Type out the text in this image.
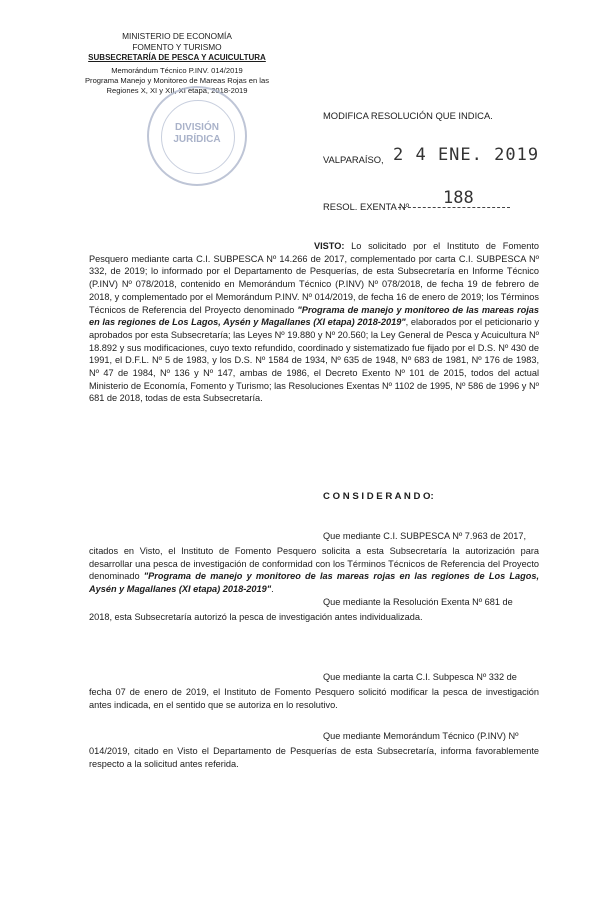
MINISTERIO DE ECONOMÍA
FOMENTO Y TURISMO
SUBSECRETARÍA DE PESCA Y ACUICULTURA
Memorándum Técnico P.INV. 014/2019
Programa Manejo y Monitoreo de Mareas Rojas en las
Regiones X, XI y XII, XI etapa, 2018-2019
DIVISIÓN
JURÍDICA
MODIFICA RESOLUCIÓN QUE INDICA.
VALPARAÍSO, 2 4 ENE. 2019
RESOL. EXENTA Nº 188
VISTO: Lo solicitado por el Instituto de Fomento Pesquero mediante carta C.I. SUBPESCA Nº 14.266 de 2017, complementado por carta C.I. SUBPESCA Nº 332, de 2019; lo informado por el Departamento de Pesquerías, de esta Subsecretaría en Informe Técnico (P.INV) Nº 078/2018, contenido en Memorándum Técnico (P.INV) Nº 078/2018, de fecha 19 de febrero de 2018, y complementado por el Memorándum P.INV. Nº 014/2019, de fecha 16 de enero de 2019; los Términos Técnicos de Referencia del Proyecto denominado "Programa de manejo y monitoreo de las mareas rojas en las regiones de Los Lagos, Aysén y Magallanes (XI etapa) 2018-2019", elaborados por el peticionario y aprobados por esta Subsecretaría; las Leyes Nº 19.880 y Nº 20.560; la Ley General de Pesca y Acuicultura Nº 18.892 y sus modificaciones, cuyo texto refundido, coordinado y sistematizado fue fijado por el D.S. Nº 430 de 1991, el D.F.L. Nº 5 de 1983, y los D.S. Nº 1584 de 1934, Nº 635 de 1948, Nº 683 de 1981, Nº 176 de 1983, Nº 47 de 1984, Nº 136 y Nº 147, ambas de 1986, el Decreto Exento Nº 101 de 2015, todos del actual Ministerio de Economía, Fomento y Turismo; las Resoluciones Exentas Nº 1102 de 1995, Nº 586 de 1996 y Nº 681 de 2018, todas de esta Subsecretaría.
C O N S I D E R A N D O:
Que mediante C.I. SUBPESCA Nº 7.963 de 2017,
citados en Visto, el Instituto de Fomento Pesquero solicita a esta Subsecretaría la autorización para desarrollar una pesca de investigación de conformidad con los Términos Técnicos de Referencia del Proyecto denominado "Programa de manejo y monitoreo de las mareas rojas en las regiones de Los Lagos, Aysén y Magallanes (XI etapa) 2018-2019".
Que mediante la Resolución Exenta Nº 681 de
2018, esta Subsecretaría autorizó la pesca de investigación antes individualizada.
Que mediante la carta C.I. Subpesca Nº 332 de
fecha 07 de enero de 2019, el Instituto de Fomento Pesquero solicitó modificar la pesca de investigación antes indicada, en el sentido que se autoriza en lo resolutivo.
Que mediante Memorándum Técnico (P.INV) Nº
014/2019, citado en Visto el Departamento de Pesquerías de esta Subsecretaría, informa favorablemente respecto a la solicitud antes referida.
